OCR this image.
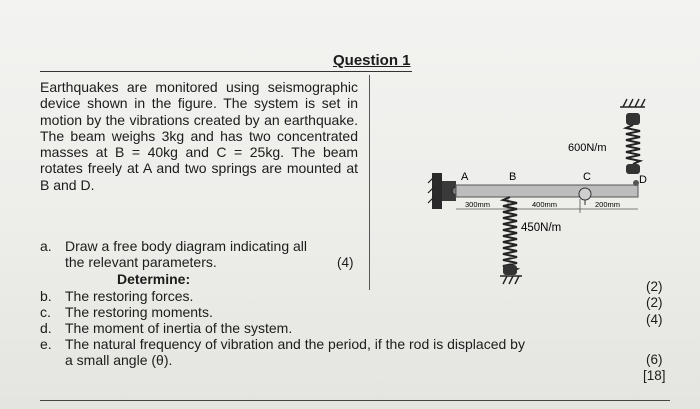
Question 1
Earthquakes are monitored using seismographic device shown in the figure. The system is set in motion by the vibrations created by an earthquake. The beam weighs 3kg and has two concentrated masses at B = 40kg and C = 25kg. The beam rotates freely at A and two springs are mounted at B and D.
600N/m
A	B	C	D
300mm	400mm	200mm
450N/m
a. Draw a free body diagram indicating all
the relevant parameters.	(4)
Determine:
b. The restoring forces.
c. The restoring moments.
d. The moment of inertia of the system.
e. The natural frequency of vibration and the period, if the rod is displaced by
a small angle (θ).
(2)
(2)
(4)
(6)
[18]
